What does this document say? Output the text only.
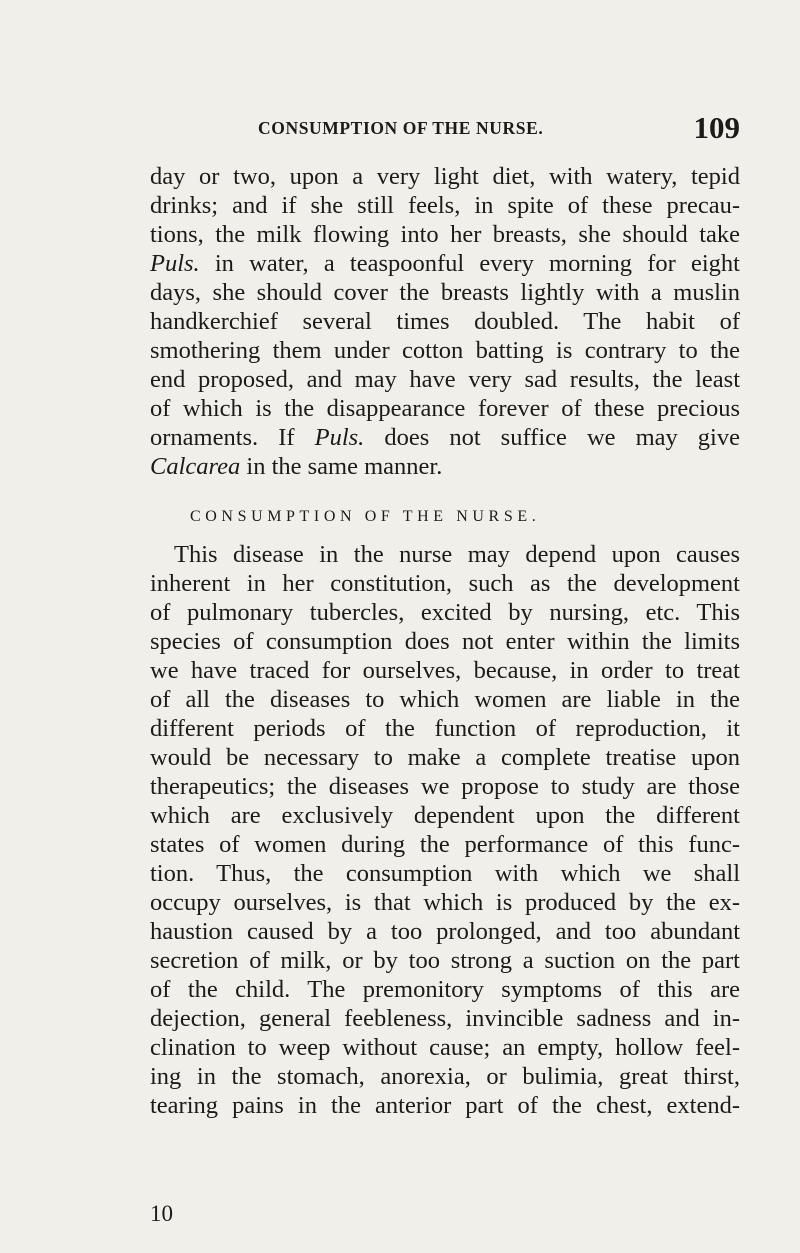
CONSUMPTION OF THE NURSE.	109
day or two, upon a very light diet, with watery, tepid
drinks; and if she still feels, in spite of these precau-
tions, the milk flowing into her breasts, she should take
Puls. in water, a teaspoonful every morning for eight
days, she should cover the breasts lightly with a muslin
handkerchief several times doubled. The habit of
smothering them under cotton batting is contrary to the
end proposed, and may have very sad results, the least
of which is the disappearance forever of these precious
ornaments. If Puls. does not suffice we may give
Calcarea in the same manner.
CONSUMPTION OF THE NURSE.
This disease in the nurse may depend upon causes
inherent in her constitution, such as the development
of pulmonary tubercles, excited by nursing, etc. This
species of consumption does not enter within the limits
we have traced for ourselves, because, in order to treat
of all the diseases to which women are liable in the
different periods of the function of reproduction, it
would be necessary to make a complete treatise upon
therapeutics; the diseases we propose to study are those
which are exclusively dependent upon the different
states of women during the performance of this func-
tion. Thus, the consumption with which we shall
occupy ourselves, is that which is produced by the ex-
haustion caused by a too prolonged, and too abundant
secretion of milk, or by too strong a suction on the part
of the child. The premonitory symptoms of this are
dejection, general feebleness, invincible sadness and in-
clination to weep without cause; an empty, hollow feel-
ing in the stomach, anorexia, or bulimia, great thirst,
tearing pains in the anterior part of the chest, extend-
10
